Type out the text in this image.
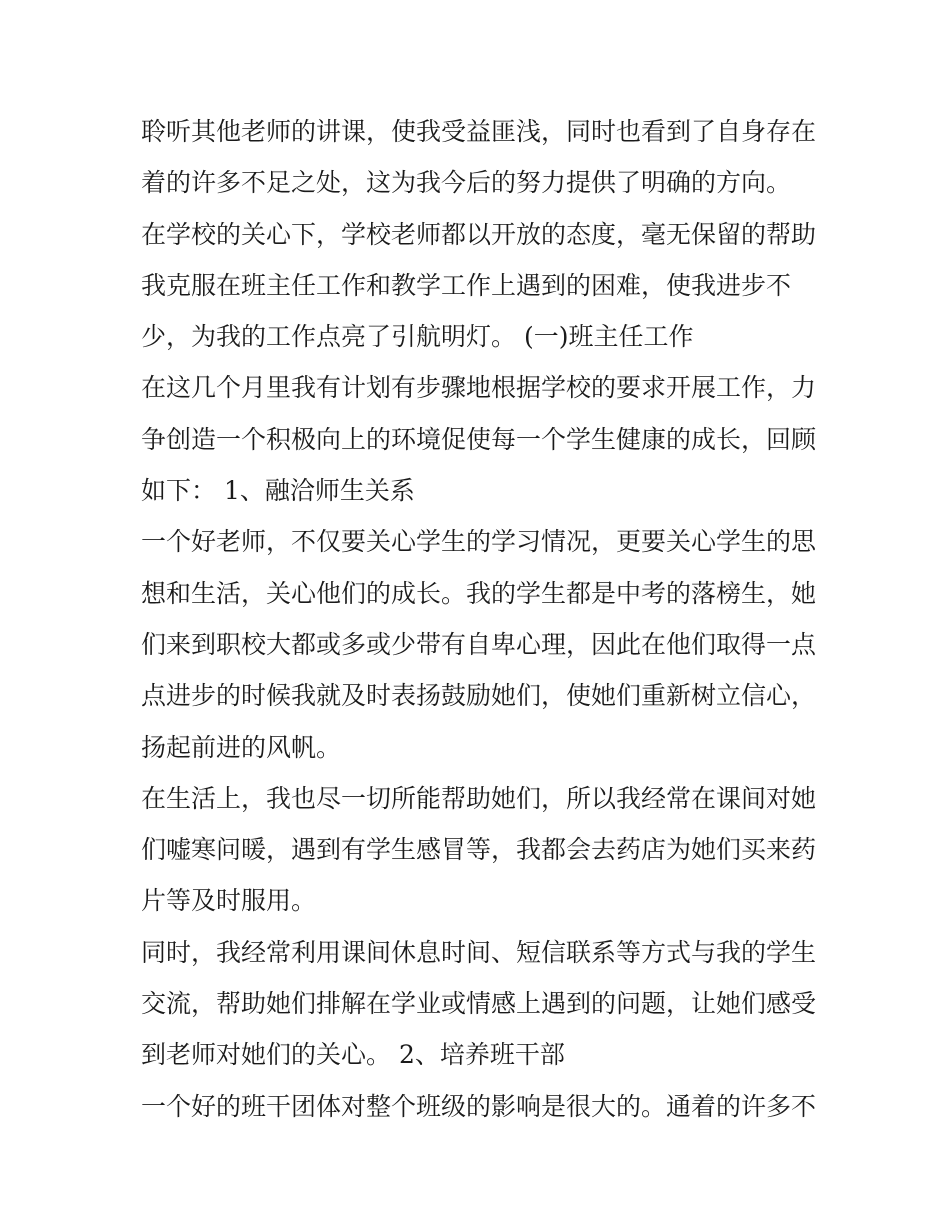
聆听其他老师的讲课，使我受益匪浅，同时也看到了自身存在
着的许多不足之处，这为我今后的努力提供了明确的方向。
在学校的关心下，学校老师都以开放的态度，毫无保留的帮助
我克服在班主任工作和教学工作上遇到的困难，使我进步不
少，为我的工作点亮了引航明灯。 (一)班主任工作
在这几个月里我有计划有步骤地根据学校的要求开展工作，力
争创造一个积极向上的环境促使每一个学生健康的成长，回顾
如下： 1、融洽师生关系
一个好老师，不仅要关心学生的学习情况，更要关心学生的思
想和生活，关心他们的成长。我的学生都是中考的落榜生，她
们来到职校大都或多或少带有自卑心理，因此在他们取得一点
点进步的时候我就及时表扬鼓励她们，使她们重新树立信心，
扬起前进的风帆。
在生活上，我也尽一切所能帮助她们，所以我经常在课间对她
们嘘寒问暖，遇到有学生感冒等，我都会去药店为她们买来药
片等及时服用。
同时，我经常利用课间休息时间、短信联系等方式与我的学生
交流，帮助她们排解在学业或情感上遇到的问题，让她们感受
到老师对她们的关心。 2、培养班干部
一个好的班干团体对整个班级的影响是很大的。通着的许多不
